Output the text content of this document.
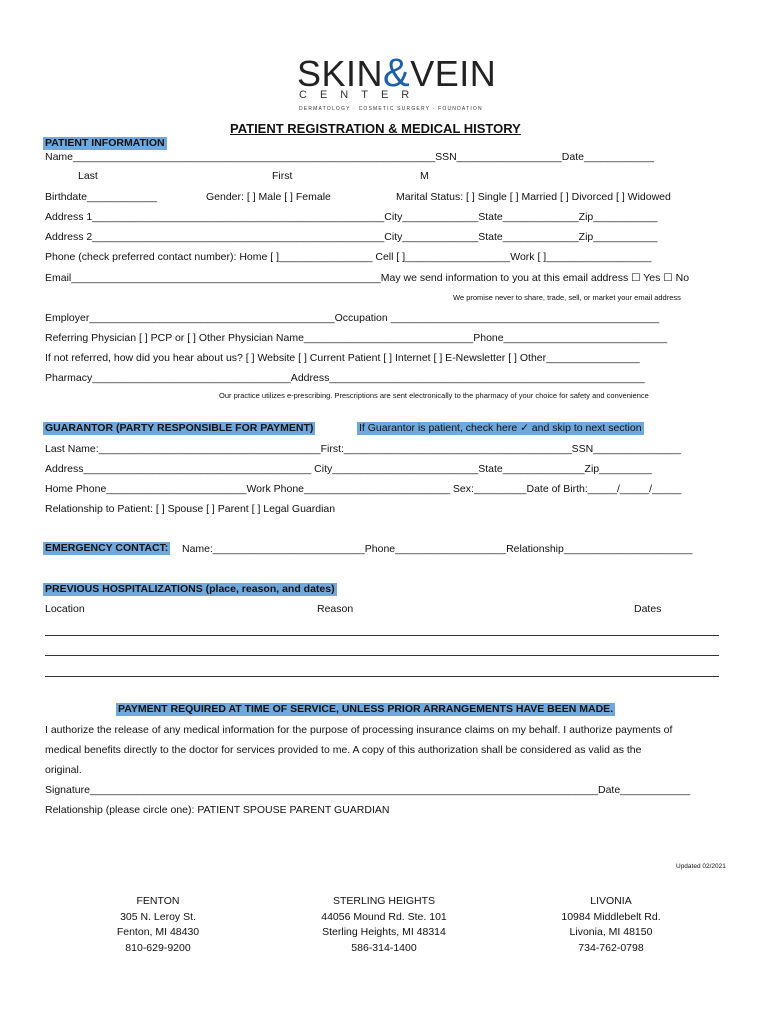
SKIN&VEIN
CENTER
DERMATOLOGY · COSMETIC SURGERY · FOUNDATION
PATIENT REGISTRATION & MEDICAL HISTORY
PATIENT INFORMATION
Name______________________________________________________________SSN__________________Date____________
Last	First	M
Birthdate____________	Gender: [ ] Male [ ] Female	Marital Status: [ ] Single [ ] Married [ ] Divorced [ ] Widowed
Address 1__________________________________________________City_____________State_____________Zip___________
Address 2__________________________________________________City_____________State_____________Zip___________
Phone (check preferred contact number): Home [ ]________________ Cell [ ]__________________Work [ ]__________________
Email_____________________________________________________May we send information to you at this email address ☐ Yes ☐ No
We promise never to share, trade, sell, or market your email address
Employer__________________________________________Occupation ______________________________________________
Referring Physician [ ] PCP or [ ] Other Physician Name_____________________________Phone____________________________
If not referred, how did you hear about us? [ ] Website [ ] Current Patient [ ] Internet [ ] E-Newsletter [ ] Other________________
Pharmacy__________________________________Address______________________________________________________
Our practice utilizes e-prescribing. Prescriptions are sent electronically to the pharmacy of your choice for safety and convenience
GUARANTOR (PARTY RESPONSIBLE FOR PAYMENT)	If Guarantor is patient, check here ✓ and skip to next section
Last Name:______________________________________First:_______________________________________SSN_______________
Address_______________________________________ City_________________________State______________Zip_________
Home Phone________________________Work Phone_________________________ Sex:_________Date of Birth:_____/_____/_____
Relationship to Patient: [ ] Spouse [ ] Parent [ ] Legal Guardian
EMERGENCY CONTACT: Name:__________________________Phone___________________Relationship______________________
PREVIOUS HOSPITALIZATIONS (place, reason, and dates)
Location	Reason	Dates
PAYMENT REQUIRED AT TIME OF SERVICE, UNLESS PRIOR ARRANGEMENTS HAVE BEEN MADE.
I authorize the release of any medical information for the purpose of processing insurance claims on my behalf. I authorize payments of
medical benefits directly to the doctor for services provided to me. A copy of this authorization shall be considered as valid as the
original.
Signature_______________________________________________________________________________________Date____________
Relationship (please circle one): PATIENT SPOUSE PARENT GUARDIAN
Updated 02/2021
FENTON
305 N. Leroy St.
Fenton, MI 48430
810-629-9200
STERLING HEIGHTS
44056 Mound Rd. Ste. 101
Sterling Heights, MI 48314
586-314-1400
LIVONIA
10984 Middlebelt Rd.
Livonia, MI 48150
734-762-0798
